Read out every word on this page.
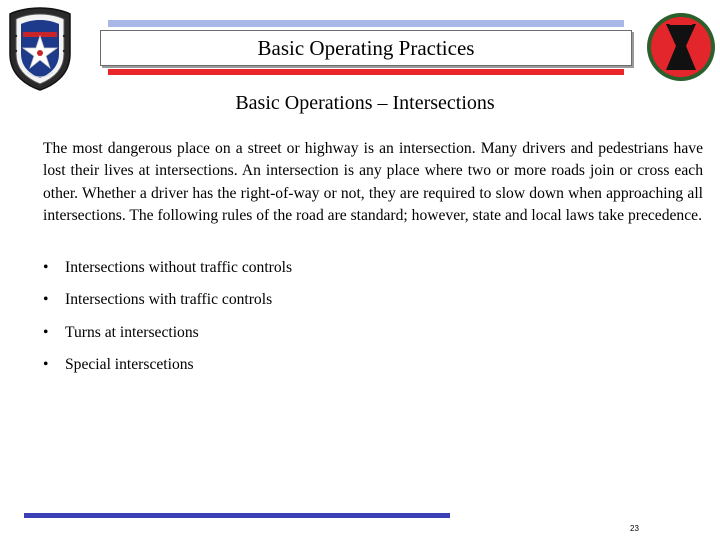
Basic Operating Practices
Basic Operations – Intersections

The most dangerous place on a street or highway is an intersection. Many drivers and pedestrians have lost their lives at intersections. An intersection is any place where two or more roads join or cross each other. Whether a driver has the right-of-way or not, they are required to slow down when approaching all intersections. The following rules of the road are standard; however, state and local laws take precedence.

•	Intersections without traffic controls
•	Intersections with traffic controls
•	Turns at intersections
•	Special interscetions
23
